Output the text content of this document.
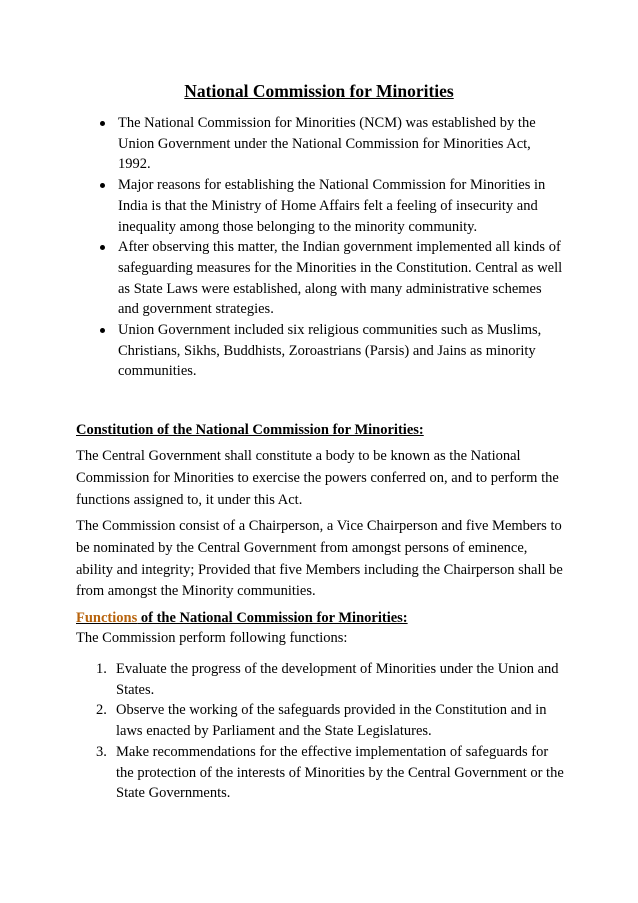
National Commission for Minorities
The National Commission for Minorities (NCM) was established by the Union Government under the National Commission for Minorities Act, 1992.
Major reasons for establishing the National Commission for Minorities in India is that the Ministry of Home Affairs felt a feeling of insecurity and inequality among those belonging to the minority community.
After observing this matter, the Indian government implemented all kinds of safeguarding measures for the Minorities in the Constitution. Central as well as State Laws were established, along with many administrative schemes and government strategies.
Union Government included six religious communities such as Muslims, Christians, Sikhs, Buddhists, Zoroastrians (Parsis) and Jains as minority communities.
Constitution of the National Commission for Minorities:

The Central Government shall constitute a body to be known as the National Commission for Minorities to exercise the powers conferred on, and to perform the functions assigned to, it under this Act.

The Commission consist of a Chairperson, a Vice Chairperson and five Members to be nominated by the Central Government from amongst persons of eminence, ability and integrity; Provided that five Members including the Chairperson shall be from amongst the Minority communities.

Functions of the National Commission for Minorities:
The Commission perform following functions:
1. Evaluate the progress of the development of Minorities under the Union and States.
2. Observe the working of the safeguards provided in the Constitution and in laws enacted by Parliament and the State Legislatures.
3. Make recommendations for the effective implementation of safeguards for the protection of the interests of Minorities by the Central Government or the State Governments.
